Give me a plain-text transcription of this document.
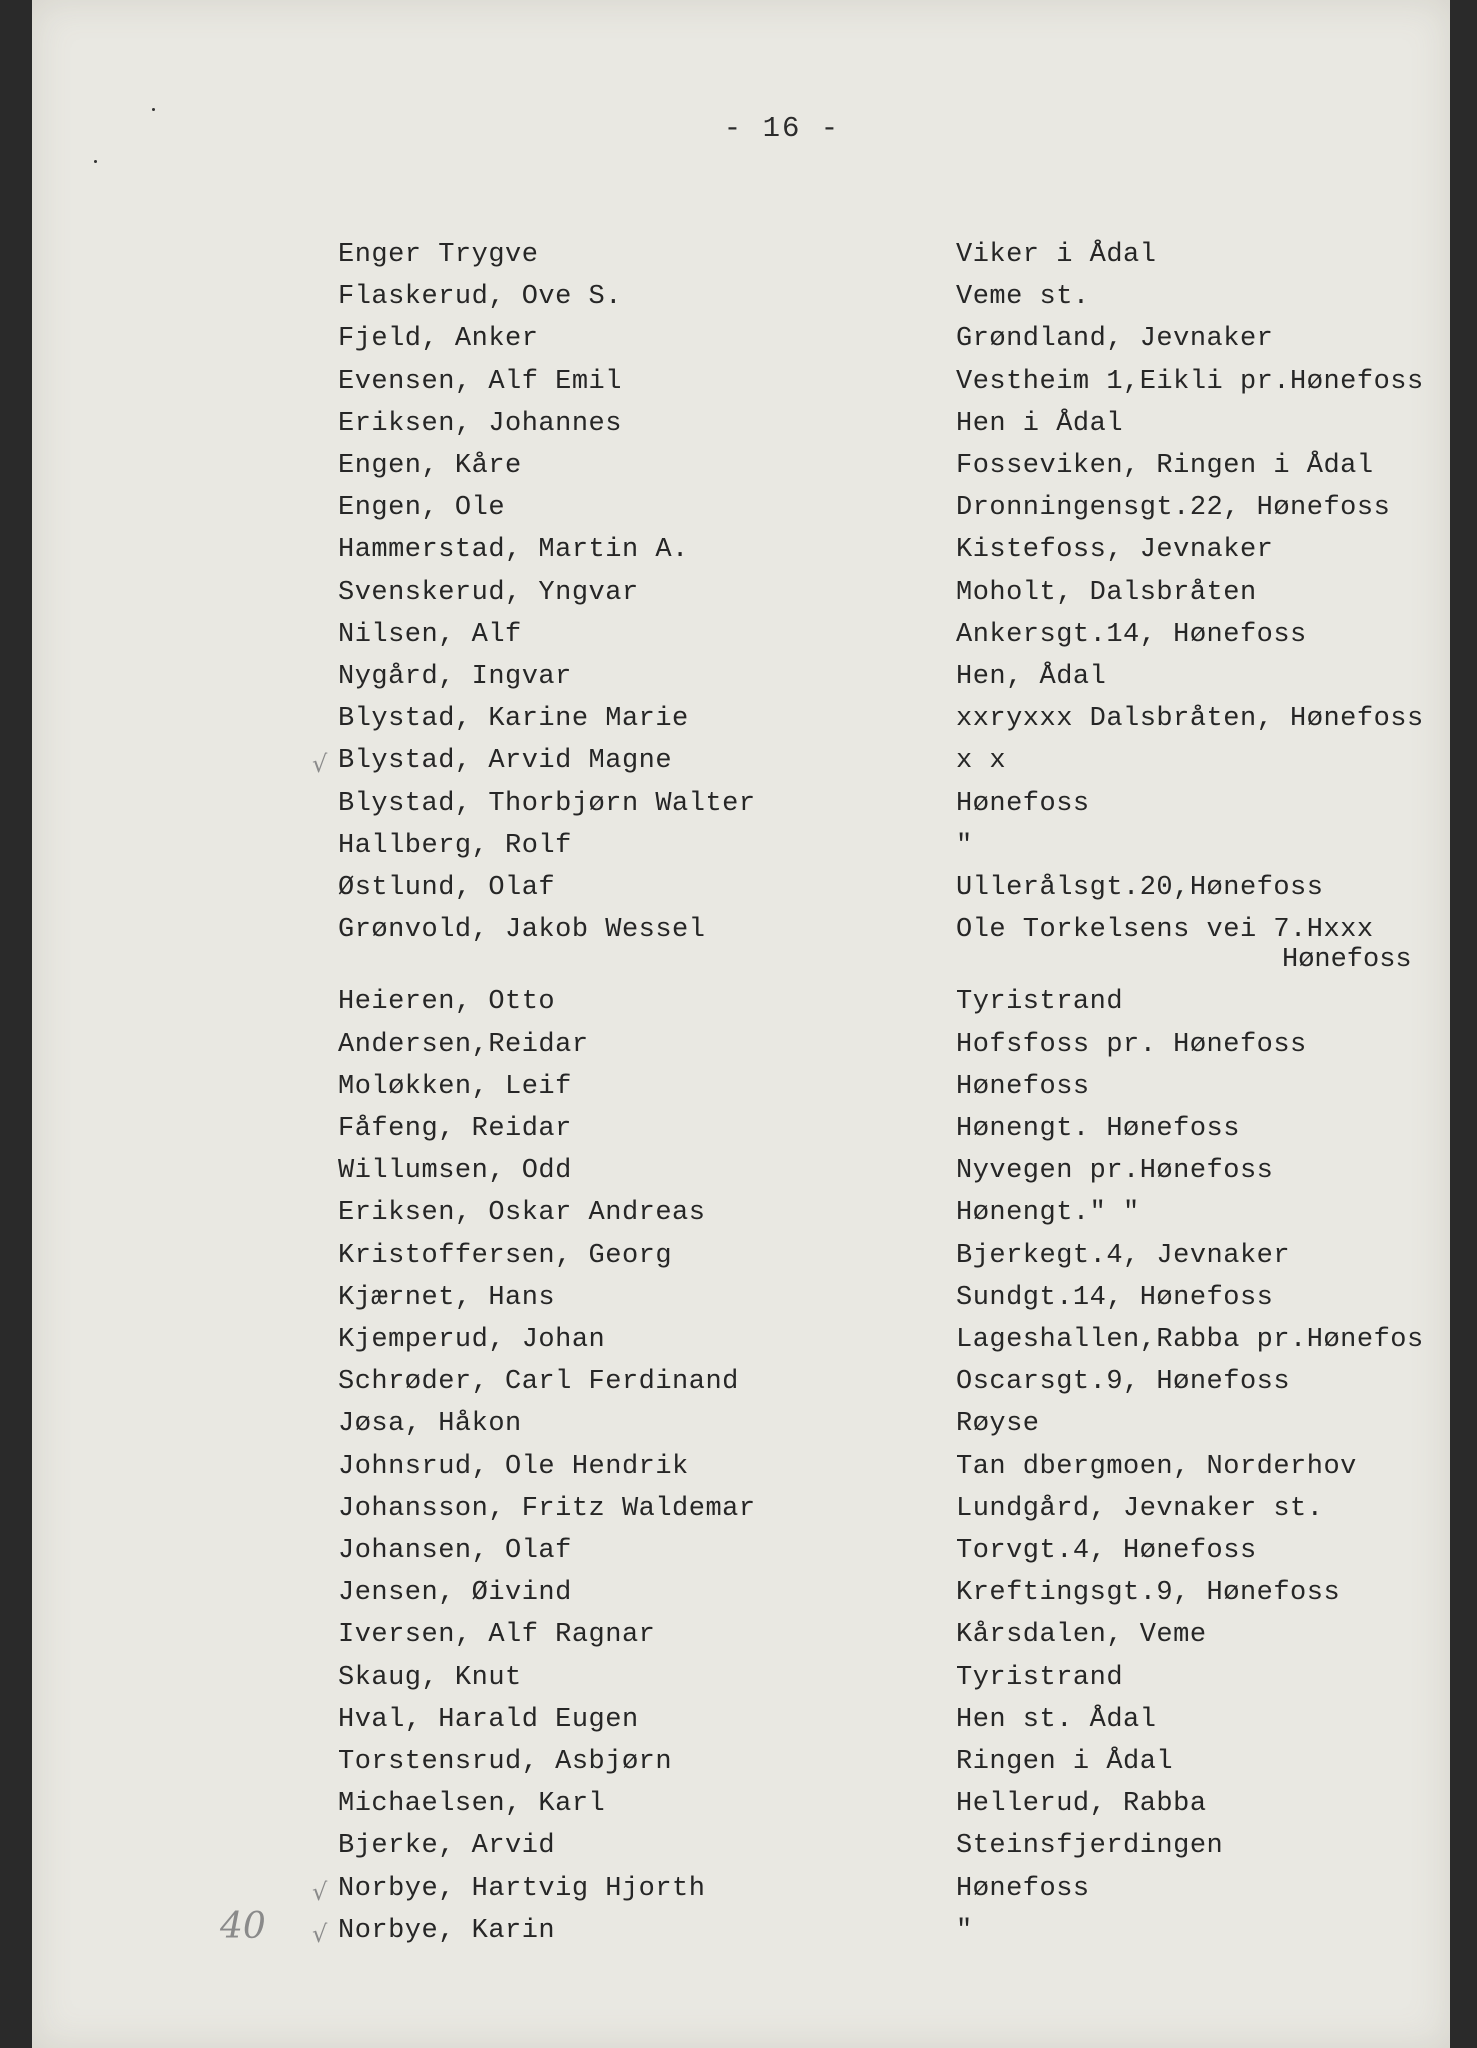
- 16 -
Enger Trygve	Viker i Ådal
Flaskerud, Ove S.	Veme st.
Fjeld, Anker	Grøndland, Jevnaker
Evensen, Alf Emil	Vestheim 1,Eikli pr.Hønefoss
Eriksen, Johannes	Hen i Ådal
Engen, Kåre	Fosseviken, Ringen i Ådal
Engen, Ole	Dronningensgt.22, Hønefoss
Hammerstad, Martin A.	Kistefoss, Jevnaker
Svenskerud, Yngvar	Moholt, Dalsbråten
Nilsen, Alf	Ankersgt.14, Hønefoss
Nygård, Ingvar	Hen, Ådal
Blystad, Karine Marie	xxryxxx Dalsbråten, Hønefoss
√ Blystad, Arvid Magne	x x
Blystad, Thorbjørn Walter	Hønefoss
Hallberg, Rolf	"
Østlund, Olaf	Ullerålsgt.20,Hønefoss
Grønvold, Jakob Wessel	Ole Torkelsens vei 7.Hxxx
Hønefoss
Heieren, Otto	Tyristrand
Andersen,Reidar	Hofsfoss pr. Hønefoss
Moløkken, Leif	Hønefoss
Fåfeng, Reidar	Hønengt. Hønefoss
Willumsen, Odd	Nyvegen pr.Hønefoss
Eriksen, Oskar Andreas	Hønengt." "
Kristoffersen, Georg	Bjerkegt.4, Jevnaker
Kjærnet, Hans	Sundgt.14, Hønefoss
Kjemperud, Johan	Lageshallen,Rabba pr.Hønefos
Schrøder, Carl Ferdinand	Oscarsgt.9, Hønefoss
Jøsa, Håkon	Røyse
Johnsrud, Ole Hendrik	Tan dbergmoen, Norderhov
Johansson, Fritz Waldemar	Lundgård, Jevnaker st.
Johansen, Olaf	Torvgt.4, Hønefoss
Jensen, Øivind	Kreftingsgt.9, Hønefoss
Iversen, Alf Ragnar	Kårsdalen, Veme
Skaug, Knut	Tyristrand
Hval, Harald Eugen	Hen st. Ådal
Torstensrud, Asbjørn	Ringen i Ådal
Michaelsen, Karl	Hellerud, Rabba
Bjerke, Arvid	Steinsfjerdingen
√ Norbye, Hartvig Hjorth	Hønefoss
√ Norbye, Karin	"
40
